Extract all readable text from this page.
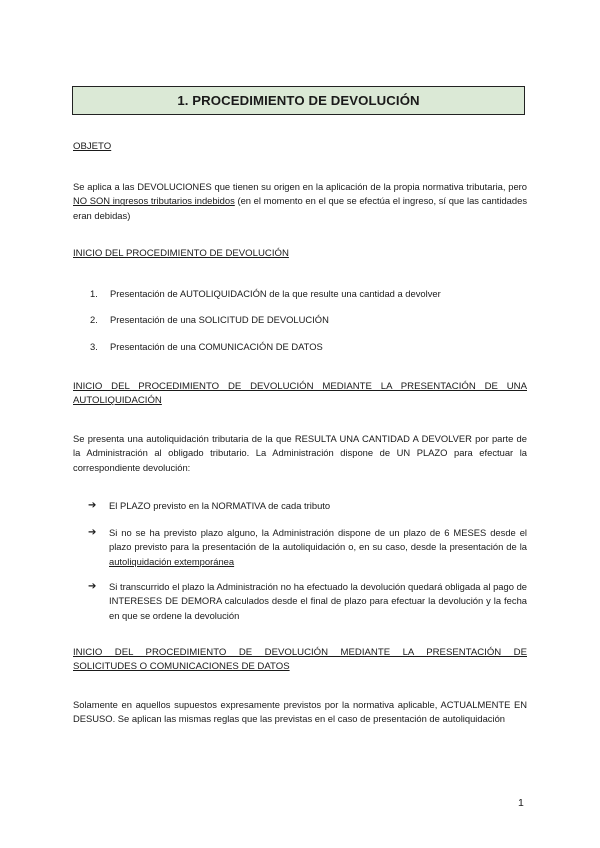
1. PROCEDIMIENTO DE DEVOLUCIÓN
OBJETO
Se aplica a las DEVOLUCIONES que tienen su origen en la aplicación de la propia normativa tributaria, pero NO SON ingresos tributarios indebidos (en el momento en el que se efectúa el ingreso, sí que las cantidades eran debidas)
INICIO DEL PROCEDIMIENTO DE DEVOLUCIÓN
1. Presentación de AUTOLIQUIDACIÓN de la que resulte una cantidad a devolver
2. Presentación de una SOLICITUD DE DEVOLUCIÓN
3. Presentación de una COMUNICACIÓN DE DATOS
INICIO DEL PROCEDIMIENTO DE DEVOLUCIÓN MEDIANTE LA PRESENTACIÓN DE UNA
AUTOLIQUIDACIÓN
Se presenta una autoliquidación tributaria de la que RESULTA UNA CANTIDAD A DEVOLVER por parte de la Administración al obligado tributario. La Administración dispone de UN PLAZO para efectuar la correspondiente devolución:
➔	El PLAZO previsto en la NORMATIVA de cada tributo
➔	Si no se ha previsto plazo alguno, la Administración dispone de un plazo de 6 MESES desde el plazo previsto para la presentación de la autoliquidación o, en su caso, desde la presentación de la autoliquidación extemporánea
➔	Si transcurrido el plazo la Administración no ha efectuado la devolución quedará obligada al pago de INTERESES DE DEMORA calculados desde el final de plazo para efectuar la devolución y la fecha en que se ordene la devolución
INICIO DEL PROCEDIMIENTO DE DEVOLUCIÓN MEDIANTE LA PRESENTACIÓN DE
SOLICITUDES O COMUNICACIONES DE DATOS
Solamente en aquellos supuestos expresamente previstos por la normativa aplicable, ACTUALMENTE EN DESUSO. Se aplican las mismas reglas que las previstas en el caso de presentación de autoliquidación
1
